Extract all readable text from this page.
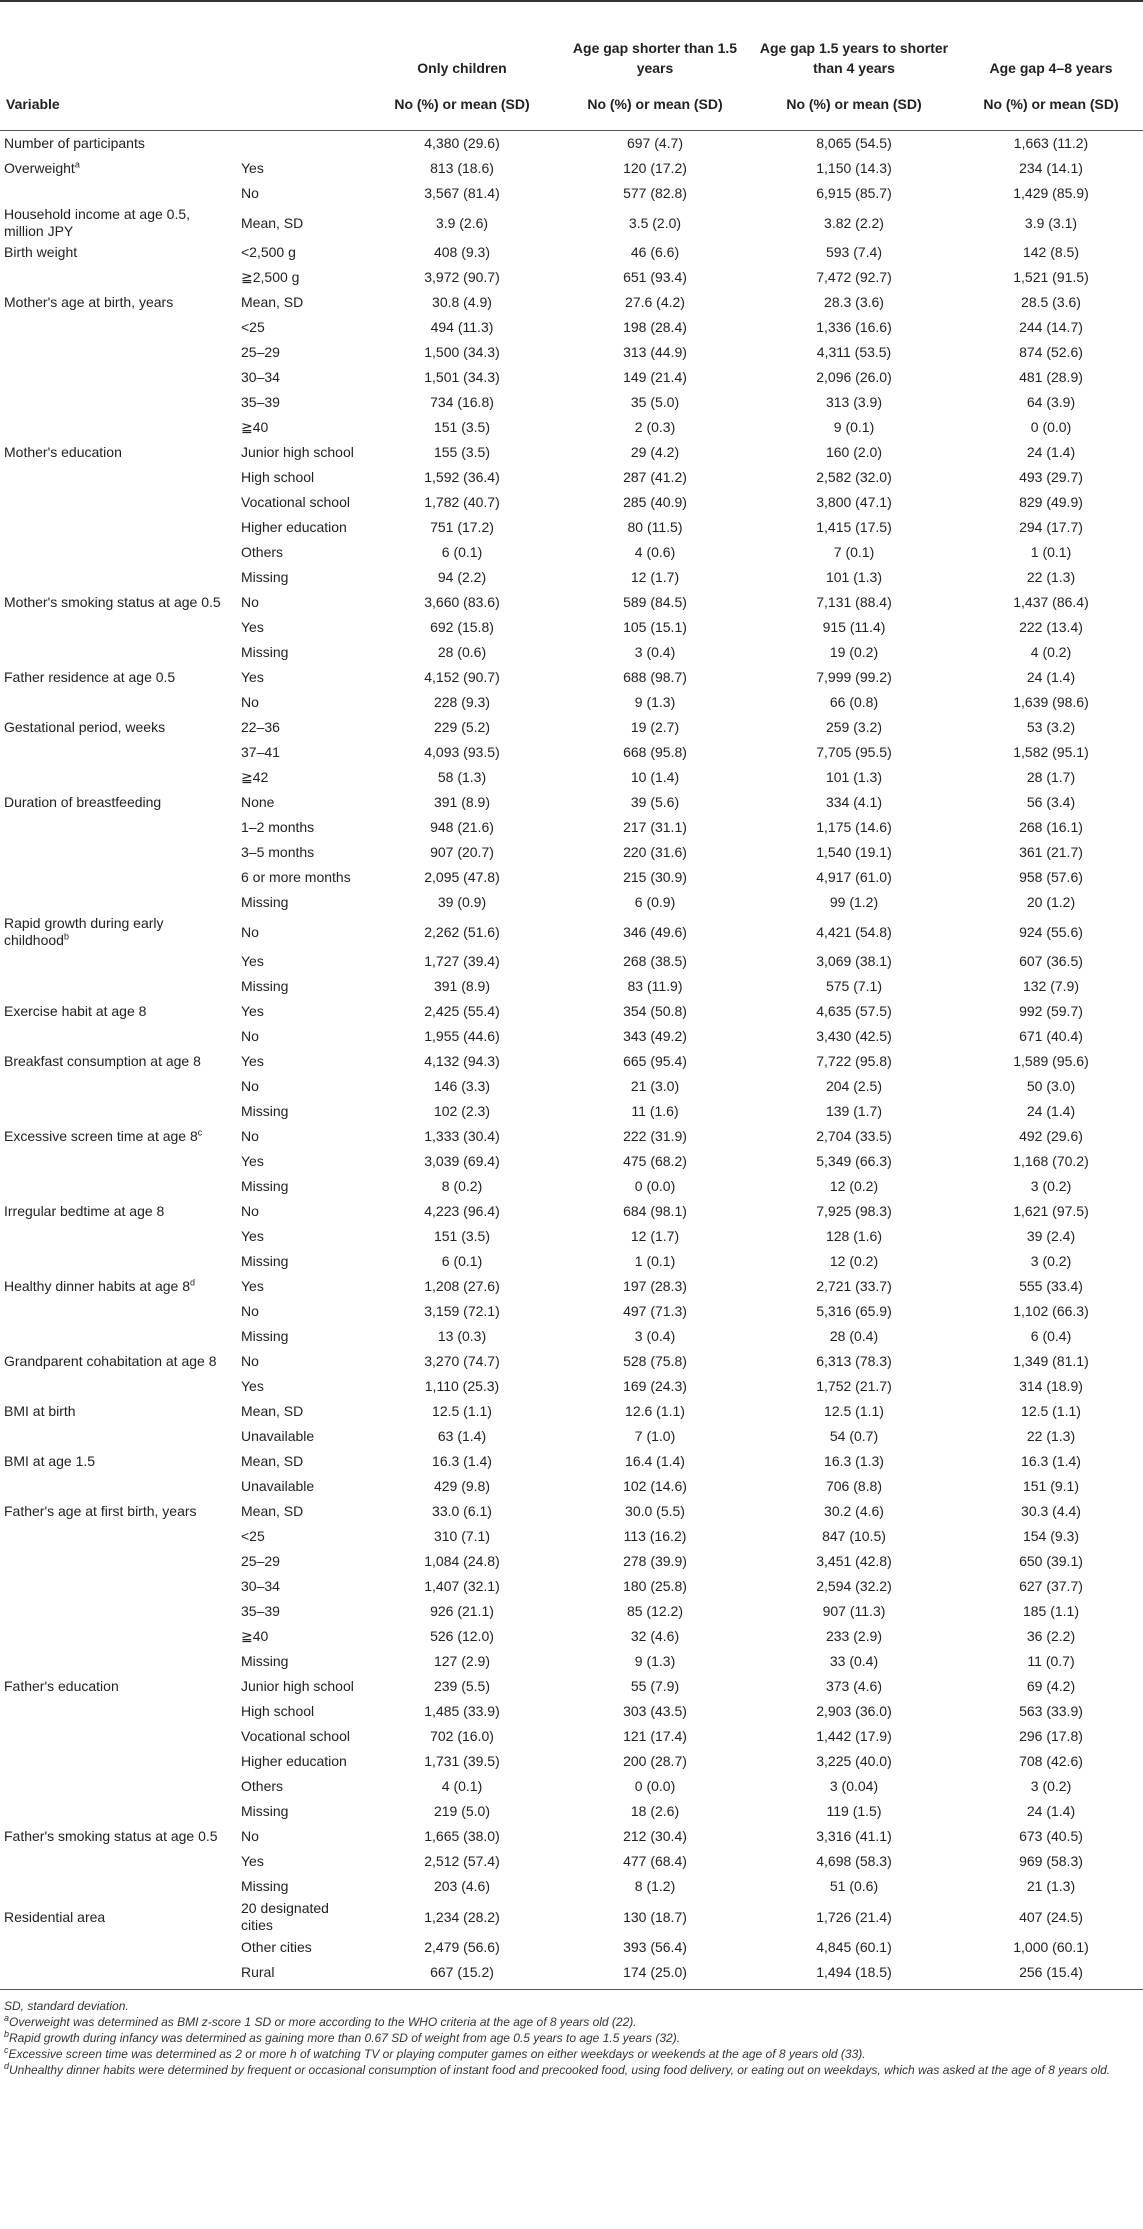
		Only children	Age gap shorter than 1.5 years	Age gap 1.5 years to shorter than 4 years	Age gap 4–8 years
Variable		No (%) or mean (SD)	No (%) or mean (SD)	No (%) or mean (SD)	No (%) or mean (SD)
Number of participants		4,380 (29.6)	697 (4.7)	8,065 (54.5)	1,663 (11.2)
Overweight$^a$	Yes	813 (18.6)	120 (17.2)	1,150 (14.3)	234 (14.1)
	No	3,567 (81.4)	577 (82.8)	6,915 (85.7)	1,429 (85.9)
Household income at age 0.5, million JPY	Mean, SD	3.9 (2.6)	3.5 (2.0)	3.82 (2.2)	3.9 (3.1)
Birth weight	<2,500 g	408 (9.3)	46 (6.6)	593 (7.4)	142 (8.5)
	≧2,500 g	3,972 (90.7)	651 (93.4)	7,472 (92.7)	1,521 (91.5)
Mother's age at birth, years	Mean, SD	30.8 (4.9)	27.6 (4.2)	28.3 (3.6)	28.5 (3.6)
	<25	494 (11.3)	198 (28.4)	1,336 (16.6)	244 (14.7)
	25–29	1,500 (34.3)	313 (44.9)	4,311 (53.5)	874 (52.6)
	30–34	1,501 (34.3)	149 (21.4)	2,096 (26.0)	481 (28.9)
	35–39	734 (16.8)	35 (5.0)	313 (3.9)	64 (3.9)
	≧40	151 (3.5)	2 (0.3)	9 (0.1)	0 (0.0)
Mother's education	Junior high school	155 (3.5)	29 (4.2)	160 (2.0)	24 (1.4)
	High school	1,592 (36.4)	287 (41.2)	2,582 (32.0)	493 (29.7)
	Vocational school	1,782 (40.7)	285 (40.9)	3,800 (47.1)	829 (49.9)
	Higher education	751 (17.2)	80 (11.5)	1,415 (17.5)	294 (17.7)
	Others	6 (0.1)	4 (0.6)	7 (0.1)	1 (0.1)
	Missing	94 (2.2)	12 (1.7)	101 (1.3)	22 (1.3)
Mother's smoking status at age 0.5	No	3,660 (83.6)	589 (84.5)	7,131 (88.4)	1,437 (86.4)
	Yes	692 (15.8)	105 (15.1)	915 (11.4)	222 (13.4)
	Missing	28 (0.6)	3 (0.4)	19 (0.2)	4 (0.2)
Father residence at age 0.5	Yes	4,152 (90.7)	688 (98.7)	7,999 (99.2)	24 (1.4)
	No	228 (9.3)	9 (1.3)	66 (0.8)	1,639 (98.6)
Gestational period, weeks	22–36	229 (5.2)	19 (2.7)	259 (3.2)	53 (3.2)
	37–41	4,093 (93.5)	668 (95.8)	7,705 (95.5)	1,582 (95.1)
	≧42	58 (1.3)	10 (1.4)	101 (1.3)	28 (1.7)
Duration of breastfeeding	None	391 (8.9)	39 (5.6)	334 (4.1)	56 (3.4)
	1–2 months	948 (21.6)	217 (31.1)	1,175 (14.6)	268 (16.1)
	3–5 months	907 (20.7)	220 (31.6)	1,540 (19.1)	361 (21.7)
	6 or more months	2,095 (47.8)	215 (30.9)	4,917 (61.0)	958 (57.6)
	Missing	39 (0.9)	6 (0.9)	99 (1.2)	20 (1.2)
Rapid growth during early childhood$^b$	No	2,262 (51.6)	346 (49.6)	4,421 (54.8)	924 (55.6)
	Yes	1,727 (39.4)	268 (38.5)	3,069 (38.1)	607 (36.5)
	Missing	391 (8.9)	83 (11.9)	575 (7.1)	132 (7.9)
Exercise habit at age 8	Yes	2,425 (55.4)	354 (50.8)	4,635 (57.5)	992 (59.7)
	No	1,955 (44.6)	343 (49.2)	3,430 (42.5)	671 (40.4)
Breakfast consumption at age 8	Yes	4,132 (94.3)	665 (95.4)	7,722 (95.8)	1,589 (95.6)
	No	146 (3.3)	21 (3.0)	204 (2.5)	50 (3.0)
	Missing	102 (2.3)	11 (1.6)	139 (1.7)	24 (1.4)
Excessive screen time at age 8$^c$	No	1,333 (30.4)	222 (31.9)	2,704 (33.5)	492 (29.6)
	Yes	3,039 (69.4)	475 (68.2)	5,349 (66.3)	1,168 (70.2)
	Missing	8 (0.2)	0 (0.0)	12 (0.2)	3 (0.2)
Irregular bedtime at age 8	No	4,223 (96.4)	684 (98.1)	7,925 (98.3)	1,621 (97.5)
	Yes	151 (3.5)	12 (1.7)	128 (1.6)	39 (2.4)
	Missing	6 (0.1)	1 (0.1)	12 (0.2)	3 (0.2)
Healthy dinner habits at age 8$^d$	Yes	1,208 (27.6)	197 (28.3)	2,721 (33.7)	555 (33.4)
	No	3,159 (72.1)	497 (71.3)	5,316 (65.9)	1,102 (66.3)
	Missing	13 (0.3)	3 (0.4)	28 (0.4)	6 (0.4)
Grandparent cohabitation at age 8	No	3,270 (74.7)	528 (75.8)	6,313 (78.3)	1,349 (81.1)
	Yes	1,110 (25.3)	169 (24.3)	1,752 (21.7)	314 (18.9)
BMI at birth	Mean, SD	12.5 (1.1)	12.6 (1.1)	12.5 (1.1)	12.5 (1.1)
	Unavailable	63 (1.4)	7 (1.0)	54 (0.7)	22 (1.3)
BMI at age 1.5	Mean, SD	16.3 (1.4)	16.4 (1.4)	16.3 (1.3)	16.3 (1.4)
	Unavailable	429 (9.8)	102 (14.6)	706 (8.8)	151 (9.1)
Father's age at first birth, years	Mean, SD	33.0 (6.1)	30.0 (5.5)	30.2 (4.6)	30.3 (4.4)
	<25	310 (7.1)	113 (16.2)	847 (10.5)	154 (9.3)
	25–29	1,084 (24.8)	278 (39.9)	3,451 (42.8)	650 (39.1)
	30–34	1,407 (32.1)	180 (25.8)	2,594 (32.2)	627 (37.7)
	35–39	926 (21.1)	85 (12.2)	907 (11.3)	185 (1.1)
	≧40	526 (12.0)	32 (4.6)	233 (2.9)	36 (2.2)
	Missing	127 (2.9)	9 (1.3)	33 (0.4)	11 (0.7)
Father's education	Junior high school	239 (5.5)	55 (7.9)	373 (4.6)	69 (4.2)
	High school	1,485 (33.9)	303 (43.5)	2,903 (36.0)	563 (33.9)
	Vocational school	702 (16.0)	121 (17.4)	1,442 (17.9)	296 (17.8)
	Higher education	1,731 (39.5)	200 (28.7)	3,225 (40.0)	708 (42.6)
	Others	4 (0.1)	0 (0.0)	3 (0.04)	3 (0.2)
	Missing	219 (5.0)	18 (2.6)	119 (1.5)	24 (1.4)
Father's smoking status at age 0.5	No	1,665 (38.0)	212 (30.4)	3,316 (41.1)	673 (40.5)
	Yes	2,512 (57.4)	477 (68.4)	4,698 (58.3)	969 (58.3)
	Missing	203 (4.6)	8 (1.2)	51 (0.6)	21 (1.3)
Residential area	20 designated cities	1,234 (28.2)	130 (18.7)	1,726 (21.4)	407 (24.5)
	Other cities	2,479 (56.6)	393 (56.4)	4,845 (60.1)	1,000 (60.1)
	Rural	667 (15.2)	174 (25.0)	1,494 (18.5)	256 (15.4)

SD, standard deviation.

$^a$Overweight was determined as BMI z-score 1 SD or more according to the WHO criteria at the age of 8 years old (22).

$^b$Rapid growth during infancy was determined as gaining more than 0.67 SD of weight from age 0.5 years to age 1.5 years (32).

$^c$Excessive screen time was determined as 2 or more h of watching TV or playing computer games on either weekdays or weekends at the age of 8 years old (33).

$^d$Unhealthy dinner habits were determined by frequent or occasional consumption of instant food and precooked food, using food delivery, or eating out on weekdays, which was asked at the age of 8 years old.
